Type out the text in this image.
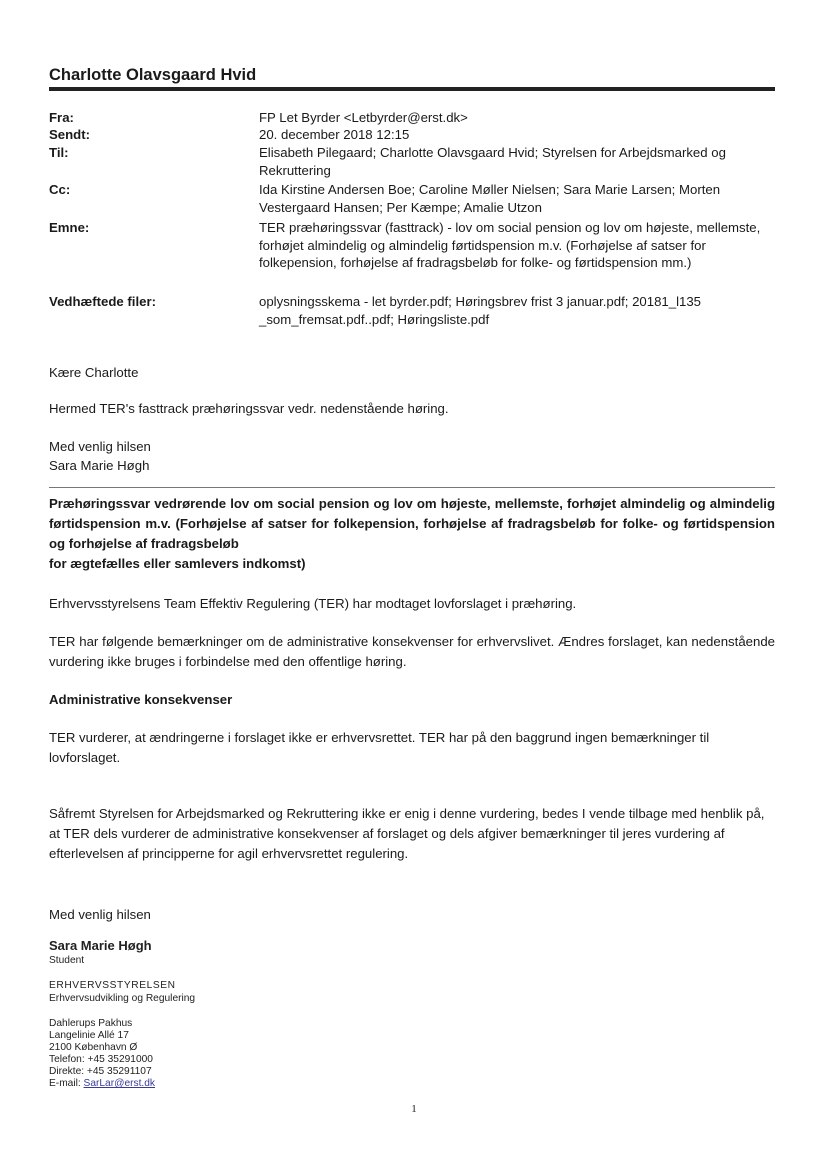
Charlotte Olavsgaard Hvid
Fra:	FP Let Byrder <Letbyrder@erst.dk>
Sendt:	20. december 2018 12:15
Til:	Elisabeth Pilegaard; Charlotte Olavsgaard Hvid; Styrelsen for Arbejdsmarked og Rekruttering
Cc:	Ida Kirstine Andersen Boe; Caroline Møller Nielsen; Sara Marie Larsen; Morten Vestergaard Hansen; Per Kæmpe; Amalie Utzon
Emne:	TER præhøringssvar (fasttrack) - lov om social pension og lov om højeste, mellemste, forhøjet almindelig og almindelig førtidspension m.v. (Forhøjelse af satser for folkepension, forhøjelse af fradragsbeløb for folke- og førtidspension mm.)
Vedhæftede filer:	oplysningsskema - let byrder.pdf; Høringsbrev frist 3 januar.pdf; 20181_l135 _som_fremsat.pdf..pdf; Høringsliste.pdf
Kære Charlotte
Hermed TER's fasttrack præhøringssvar vedr. nedenstående høring.
Med venlig hilsen
Sara Marie Høgh
Præhøringssvar vedrørende lov om social pension og lov om højeste, mellemste, forhøjet almindelig og almindelig førtidspension m.v. (Forhøjelse af satser for folkepension, forhøjelse af fradragsbeløb for folke- og førtidspension og forhøjelse af fradragsbeløb
for ægtefælles eller samlevers indkomst)
Erhvervsstyrelsens Team Effektiv Regulering (TER) har modtaget lovforslaget i præhøring.
TER har følgende bemærkninger om de administrative konsekvenser for erhvervslivet. Ændres forslaget, kan nedenstående vurdering ikke bruges i forbindelse med den offentlige høring.
Administrative konsekvenser
TER vurderer, at ændringerne i forslaget ikke er erhvervsrettet. TER har på den baggrund ingen bemærkninger til lovforslaget.
Såfremt Styrelsen for Arbejdsmarked og Rekruttering ikke er enig i denne vurdering, bedes I vende tilbage med henblik på, at TER dels vurderer de administrative konsekvenser af forslaget og dels afgiver bemærkninger til jeres vurdering af efterlevelsen af principperne for agil erhvervsrettet regulering.
Med venlig hilsen
Sara Marie Høgh
Student
ERHVERVSSTYRELSEN
Erhvervsudvikling og Regulering
Dahlerups Pakhus
Langelinie Allé 17
2100 København Ø
Telefon: +45 35291000
Direkte: +45 35291107
E-mail: SarLar@erst.dk
1
